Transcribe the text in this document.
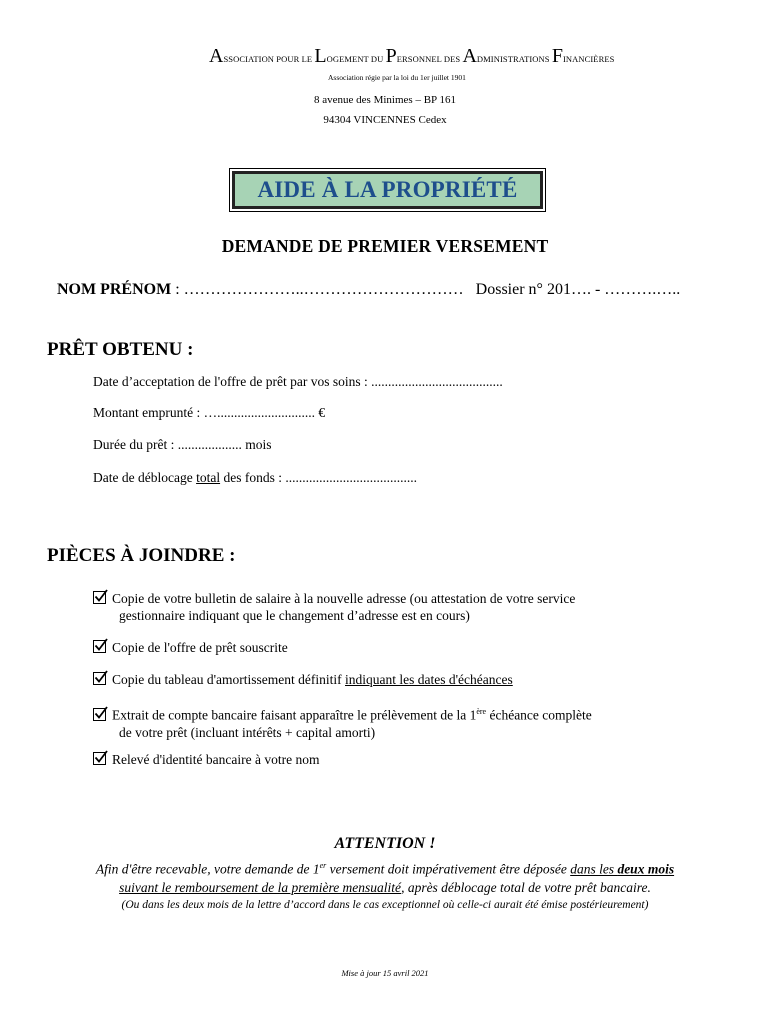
ASSOCIATION POUR LE LOGEMENT DU PERSONNEL DES ADMINISTRATIONS FINANCIÈRES
Association régie par la loi du 1er juillet 1901
8 avenue des Minimes – BP 161
94304 VINCENNES Cedex
AIDE À LA PROPRIÉTÉ
DEMANDE DE PREMIER VERSEMENT
NOM PRÉNOM : …………………..………………………… Dossier n° 201…. - ……….…..
PRÊT OBTENU :
Date d’acceptation de l'offre de prêt par vos soins : .......................................
Montant emprunté : …............................. €
Durée du prêt : ................... mois
Date de déblocage total des fonds : .......................................
PIÈCES À JOINDRE :
Copie de votre bulletin de salaire à la nouvelle adresse (ou attestation de votre service
gestionnaire indiquant que le changement d’adresse est en cours)
Copie de l'offre de prêt souscrite
Copie du tableau d'amortissement définitif indiquant les dates d'échéances
Extrait de compte bancaire faisant apparaître le prélèvement de la 1ère échéance complète
de votre prêt (incluant intérêts + capital amorti)
Relevé d'identité bancaire à votre nom
ATTENTION !
Afin d'être recevable, votre demande de 1er versement doit impérativement être déposée dans les deux mois
suivant le remboursement de la première mensualité, après déblocage total de votre prêt bancaire.
(Ou dans les deux mois de la lettre d’accord dans le cas exceptionnel où celle-ci aurait été émise postérieurement)
Mise à jour 15 avril 2021
